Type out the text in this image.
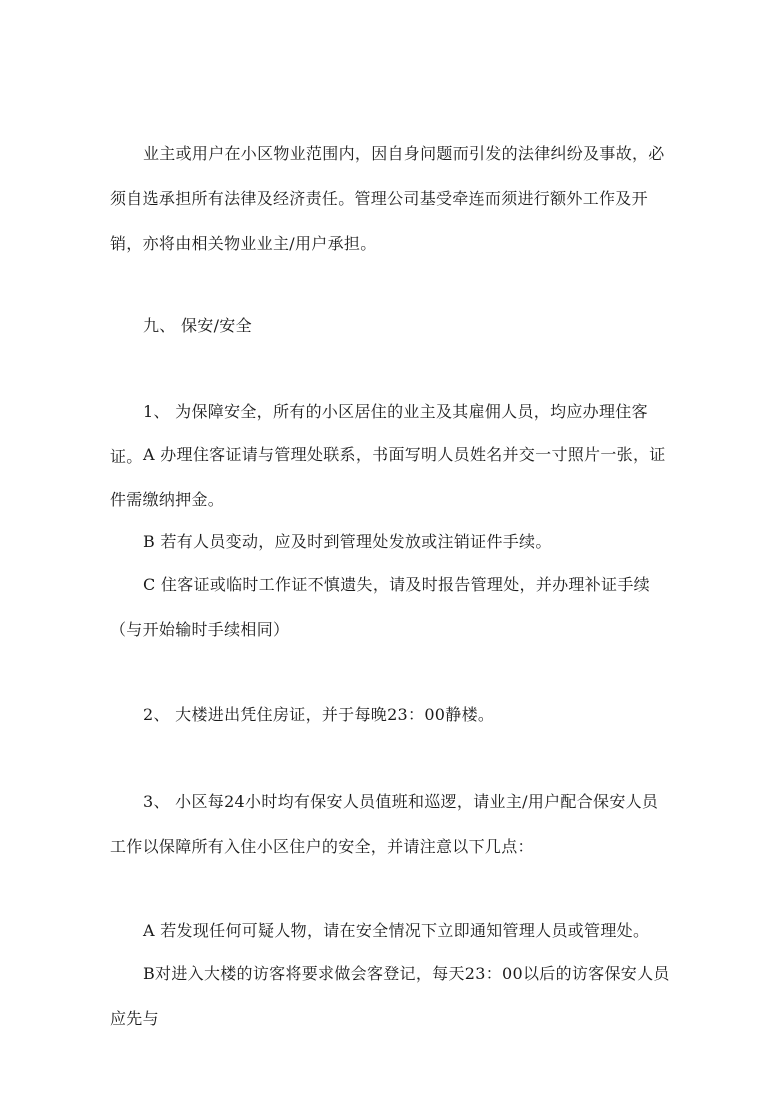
业主或用户在小区物业范围内，因自身问题而引发的法律纠纷及事故，必须自选承担所有法律及经济责任。管理公司基受牵连而须进行额外工作及开销，亦将由相关物业业主/用户承担。
九、 保安/安全
1、 为保障安全，所有的小区居住的业主及其雇佣人员，均应办理住客证。 A 办理住客证请与管理处联系，书面写明人员姓名并交一寸照片一张，证件需缴纳押金。
B 若有人员变动，应及时到管理处发放或注销证件手续。
C 住客证或临时工作证不慎遗失，请及时报告管理处，并办理补证手续（与开始输时手续相同）
2、 大楼进出凭住房证，并于每晚23：00静楼。
3、 小区每24小时均有保安人员值班和巡逻，请业主/用户配合保安人员工作以保障所有入住小区住户的安全，并请注意以下几点：
A 若发现任何可疑人物，请在安全情况下立即通知管理人员或管理处。
B对进入大楼的访客将要求做会客登记，每天23：00以后的访客保安人员应先与
